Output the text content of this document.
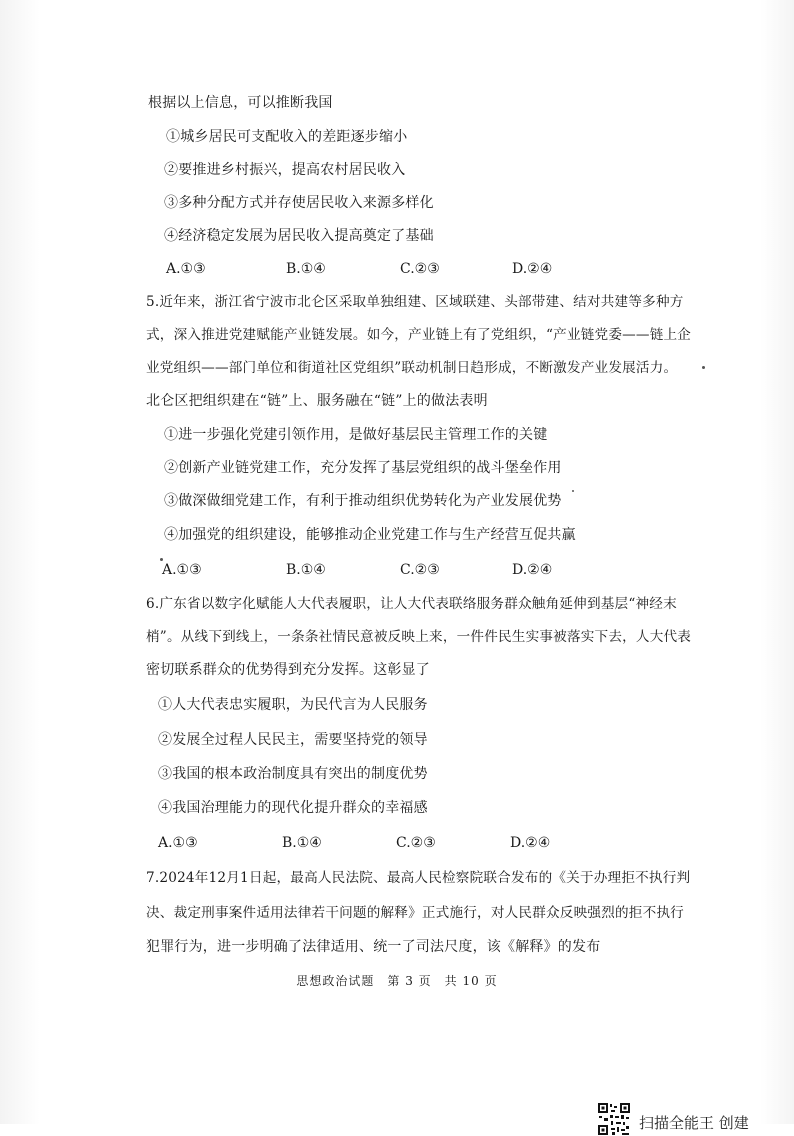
根据以上信息，可以推断我国
①城乡居民可支配收入的差距逐步缩小
②要推进乡村振兴，提高农村居民收入
③多种分配方式并存使居民收入来源多样化
④经济稳定发展为居民收入提高奠定了基础
A.①③	B.①④	C.②③	D.②④
5.近年来，浙江省宁波市北仑区采取单独组建、区域联建、头部带建、结对共建等多种方
式，深入推进党建赋能产业链发展。如今，产业链上有了党组织，“产业链党委——链上企
业党组织——部门单位和街道社区党组织”联动机制日趋形成，不断激发产业发展活力。
北仑区把组织建在“链”上、服务融在“链”上的做法表明
①进一步强化党建引领作用，是做好基层民主管理工作的关键
②创新产业链党建工作，充分发挥了基层党组织的战斗堡垒作用
③做深做细党建工作，有利于推动组织优势转化为产业发展优势
④加强党的组织建设，能够推动企业党建工作与生产经营互促共赢
A.①③	B.①④	C.②③	D.②④
6.广东省以数字化赋能人大代表履职，让人大代表联络服务群众触角延伸到基层“神经末
梢”。从线下到线上，一条条社情民意被反映上来，一件件民生实事被落实下去，人大代表
密切联系群众的优势得到充分发挥。这彰显了
①人大代表忠实履职，为民代言为人民服务
②发展全过程人民民主，需要坚持党的领导
③我国的根本政治制度具有突出的制度优势
④我国治理能力的现代化提升群众的幸福感
A.①③	B.①④	C.②③	D.②④
7.2024年12月1日起，最高人民法院、最高人民检察院联合发布的《关于办理拒不执行判
决、裁定刑事案件适用法律若干问题的解释》正式施行，对人民群众反映强烈的拒不执行
犯罪行为，进一步明确了法律适用、统一了司法尺度，该《解释》的发布
思想政治试题　第 3 页　共 10 页
扫描全能王 创建
